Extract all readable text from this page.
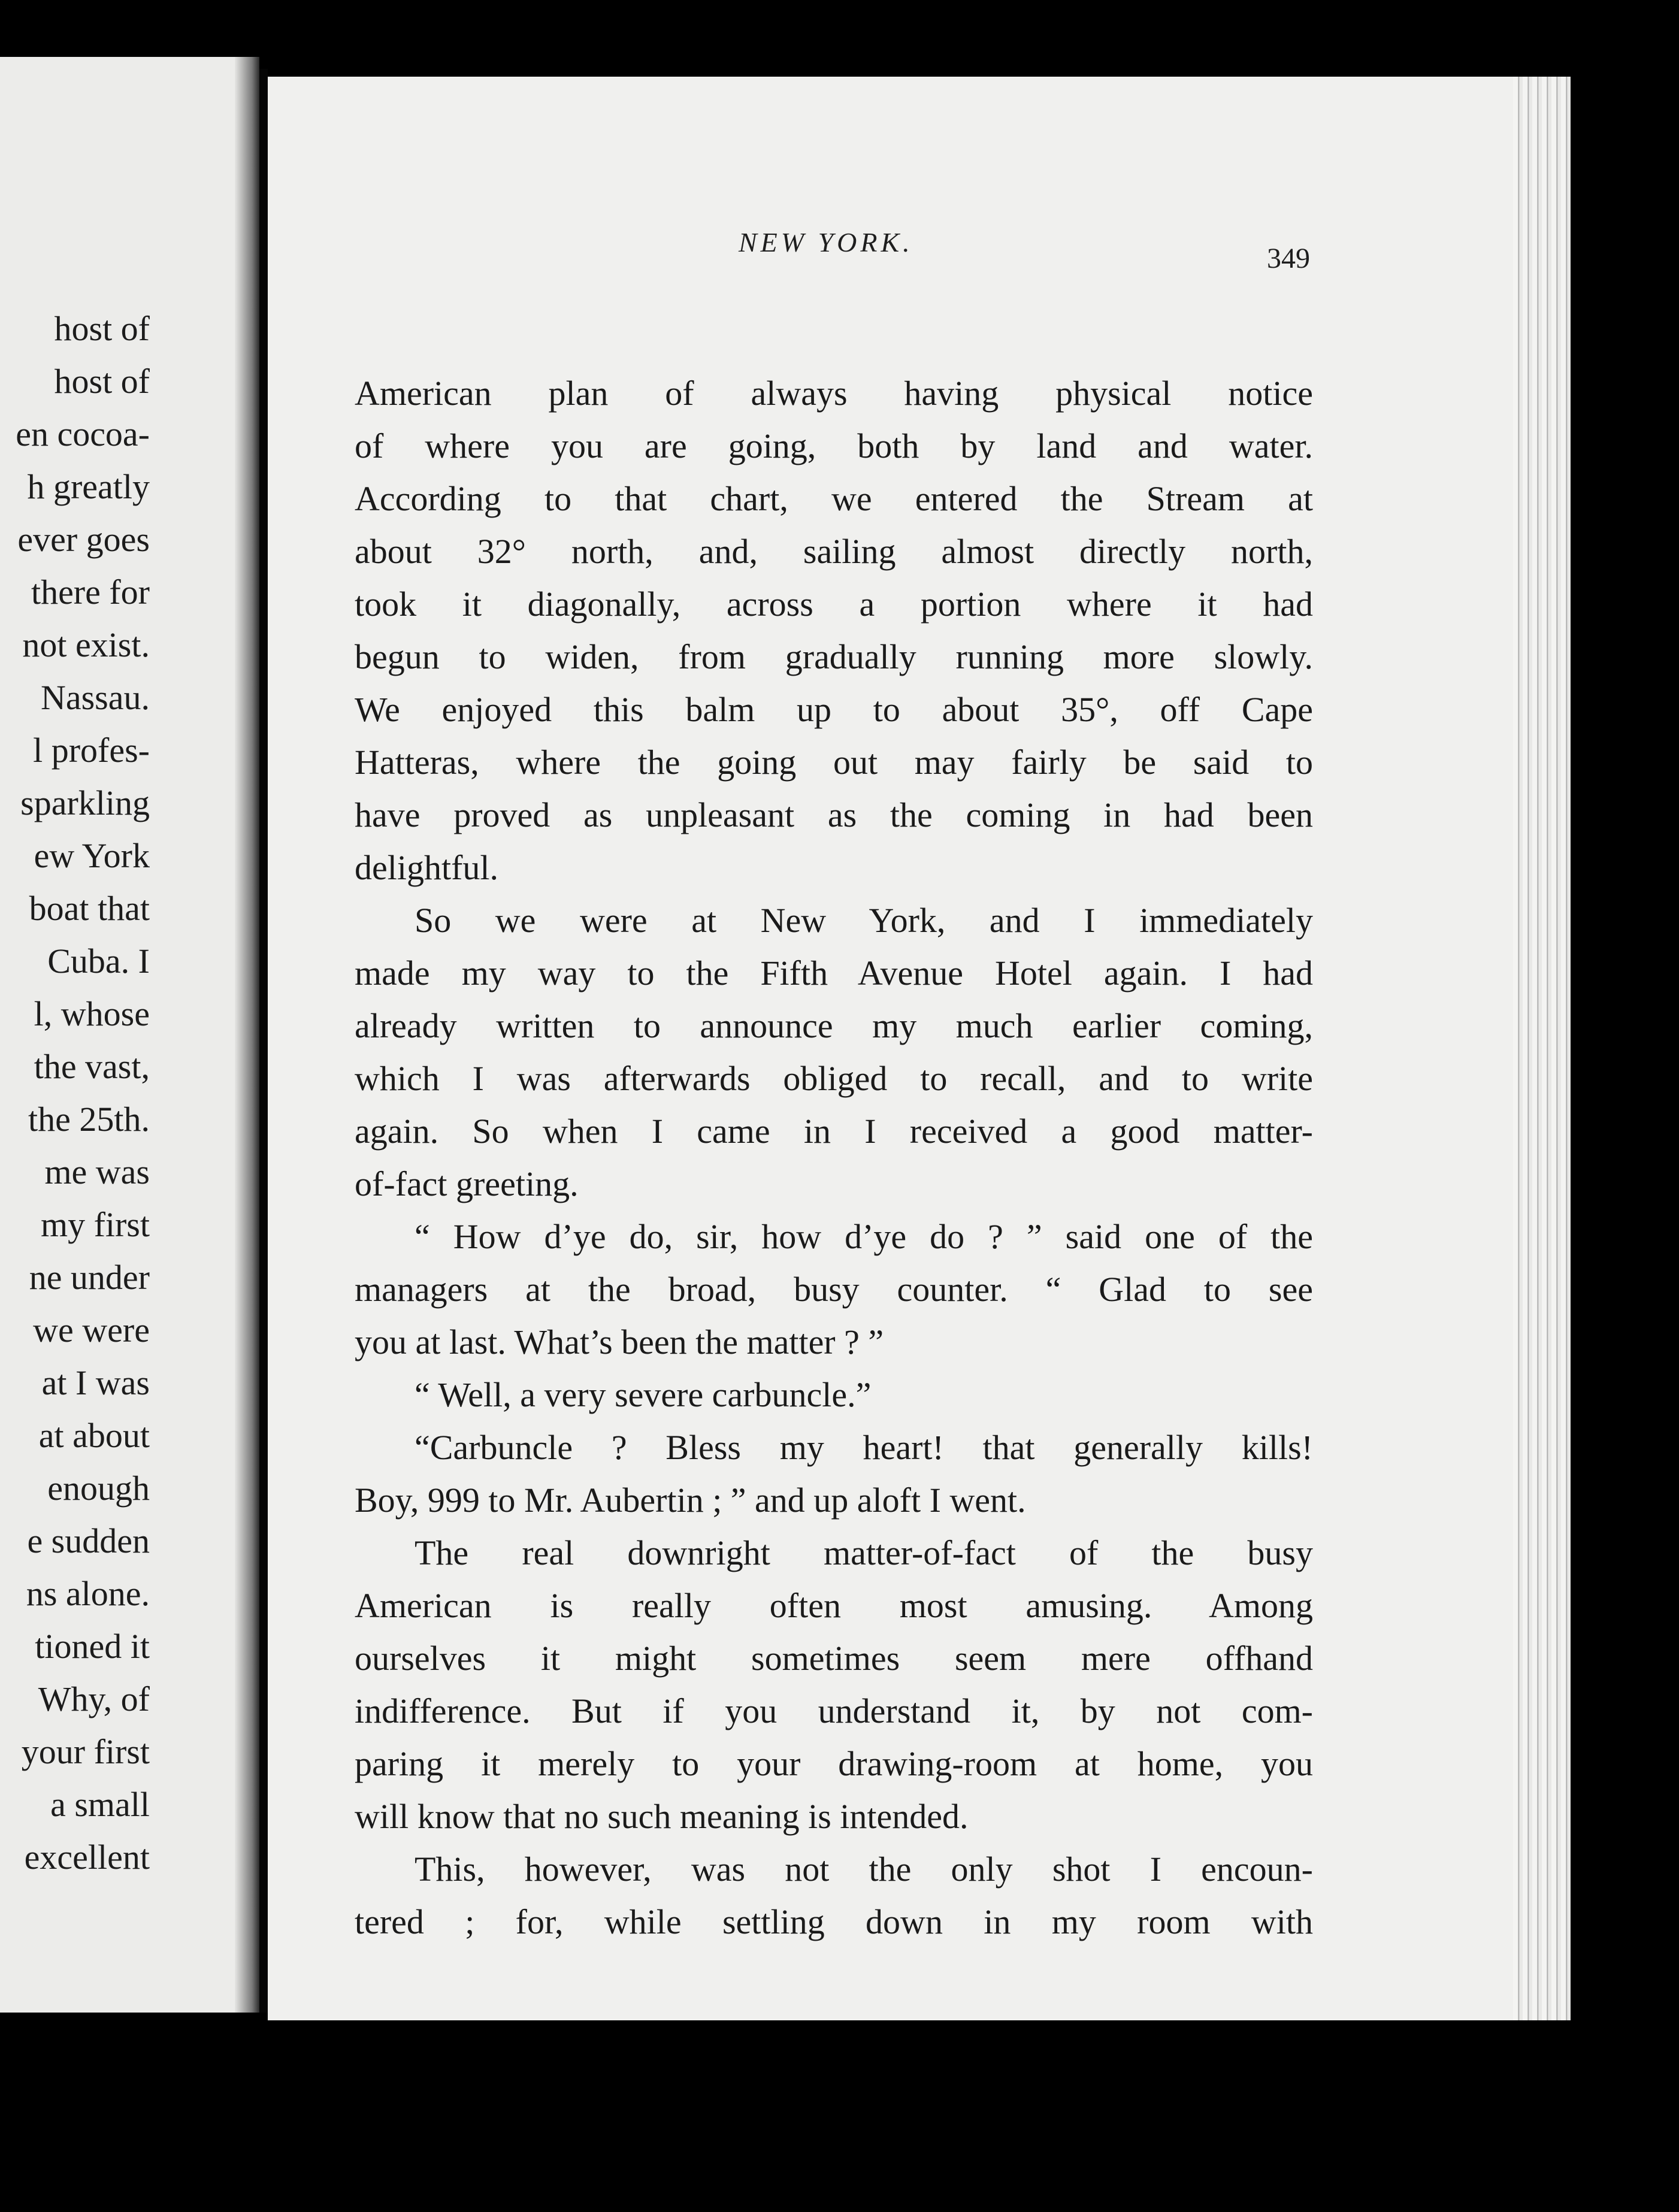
host of
host of
en cocoa-
h greatly
ever goes
there for
not exist.
Nassau.
l profes-
sparkling
ew York
boat that
Cuba. I
l, whose
the vast,
the 25th.
me was
my first
ne under
we were
at I was
at about
enough
e sudden
ns alone.
tioned it
Why, of
your first
a small
excellent
NEW YORK.
349
American plan of always having physical notice
of where you are going, both by land and water.
According to that chart, we entered the Stream at
about 32° north, and, sailing almost directly north,
took it diagonally, across a portion where it had
begun to widen, from gradually running more slowly.
We enjoyed this balm up to about 35°, off Cape
Hatteras, where the going out may fairly be said to
have proved as unpleasant as the coming in had been
delightful.
So we were at New York, and I immediately
made my way to the Fifth Avenue Hotel again. I had
already written to announce my much earlier coming,
which I was afterwards obliged to recall, and to write
again. So when I came in I received a good matter-
of-fact greeting.
“ How d’ye do, sir, how d’ye do ? ” said one of the
managers at the broad, busy counter. “ Glad to see
you at last. What’s been the matter ? ”
“ Well, a very severe carbuncle.”
“Carbuncle ? Bless my heart! that generally kills!
Boy, 999 to Mr. Aubertin ; ” and up aloft I went.
The real downright matter-of-fact of the busy
American is really often most amusing. Among
ourselves it might sometimes seem mere offhand
indifference. But if you understand it, by not com-
paring it merely to your drawing-room at home, you
will know that no such meaning is intended.
This, however, was not the only shot I encoun-
tered ; for, while settling down in my room with
